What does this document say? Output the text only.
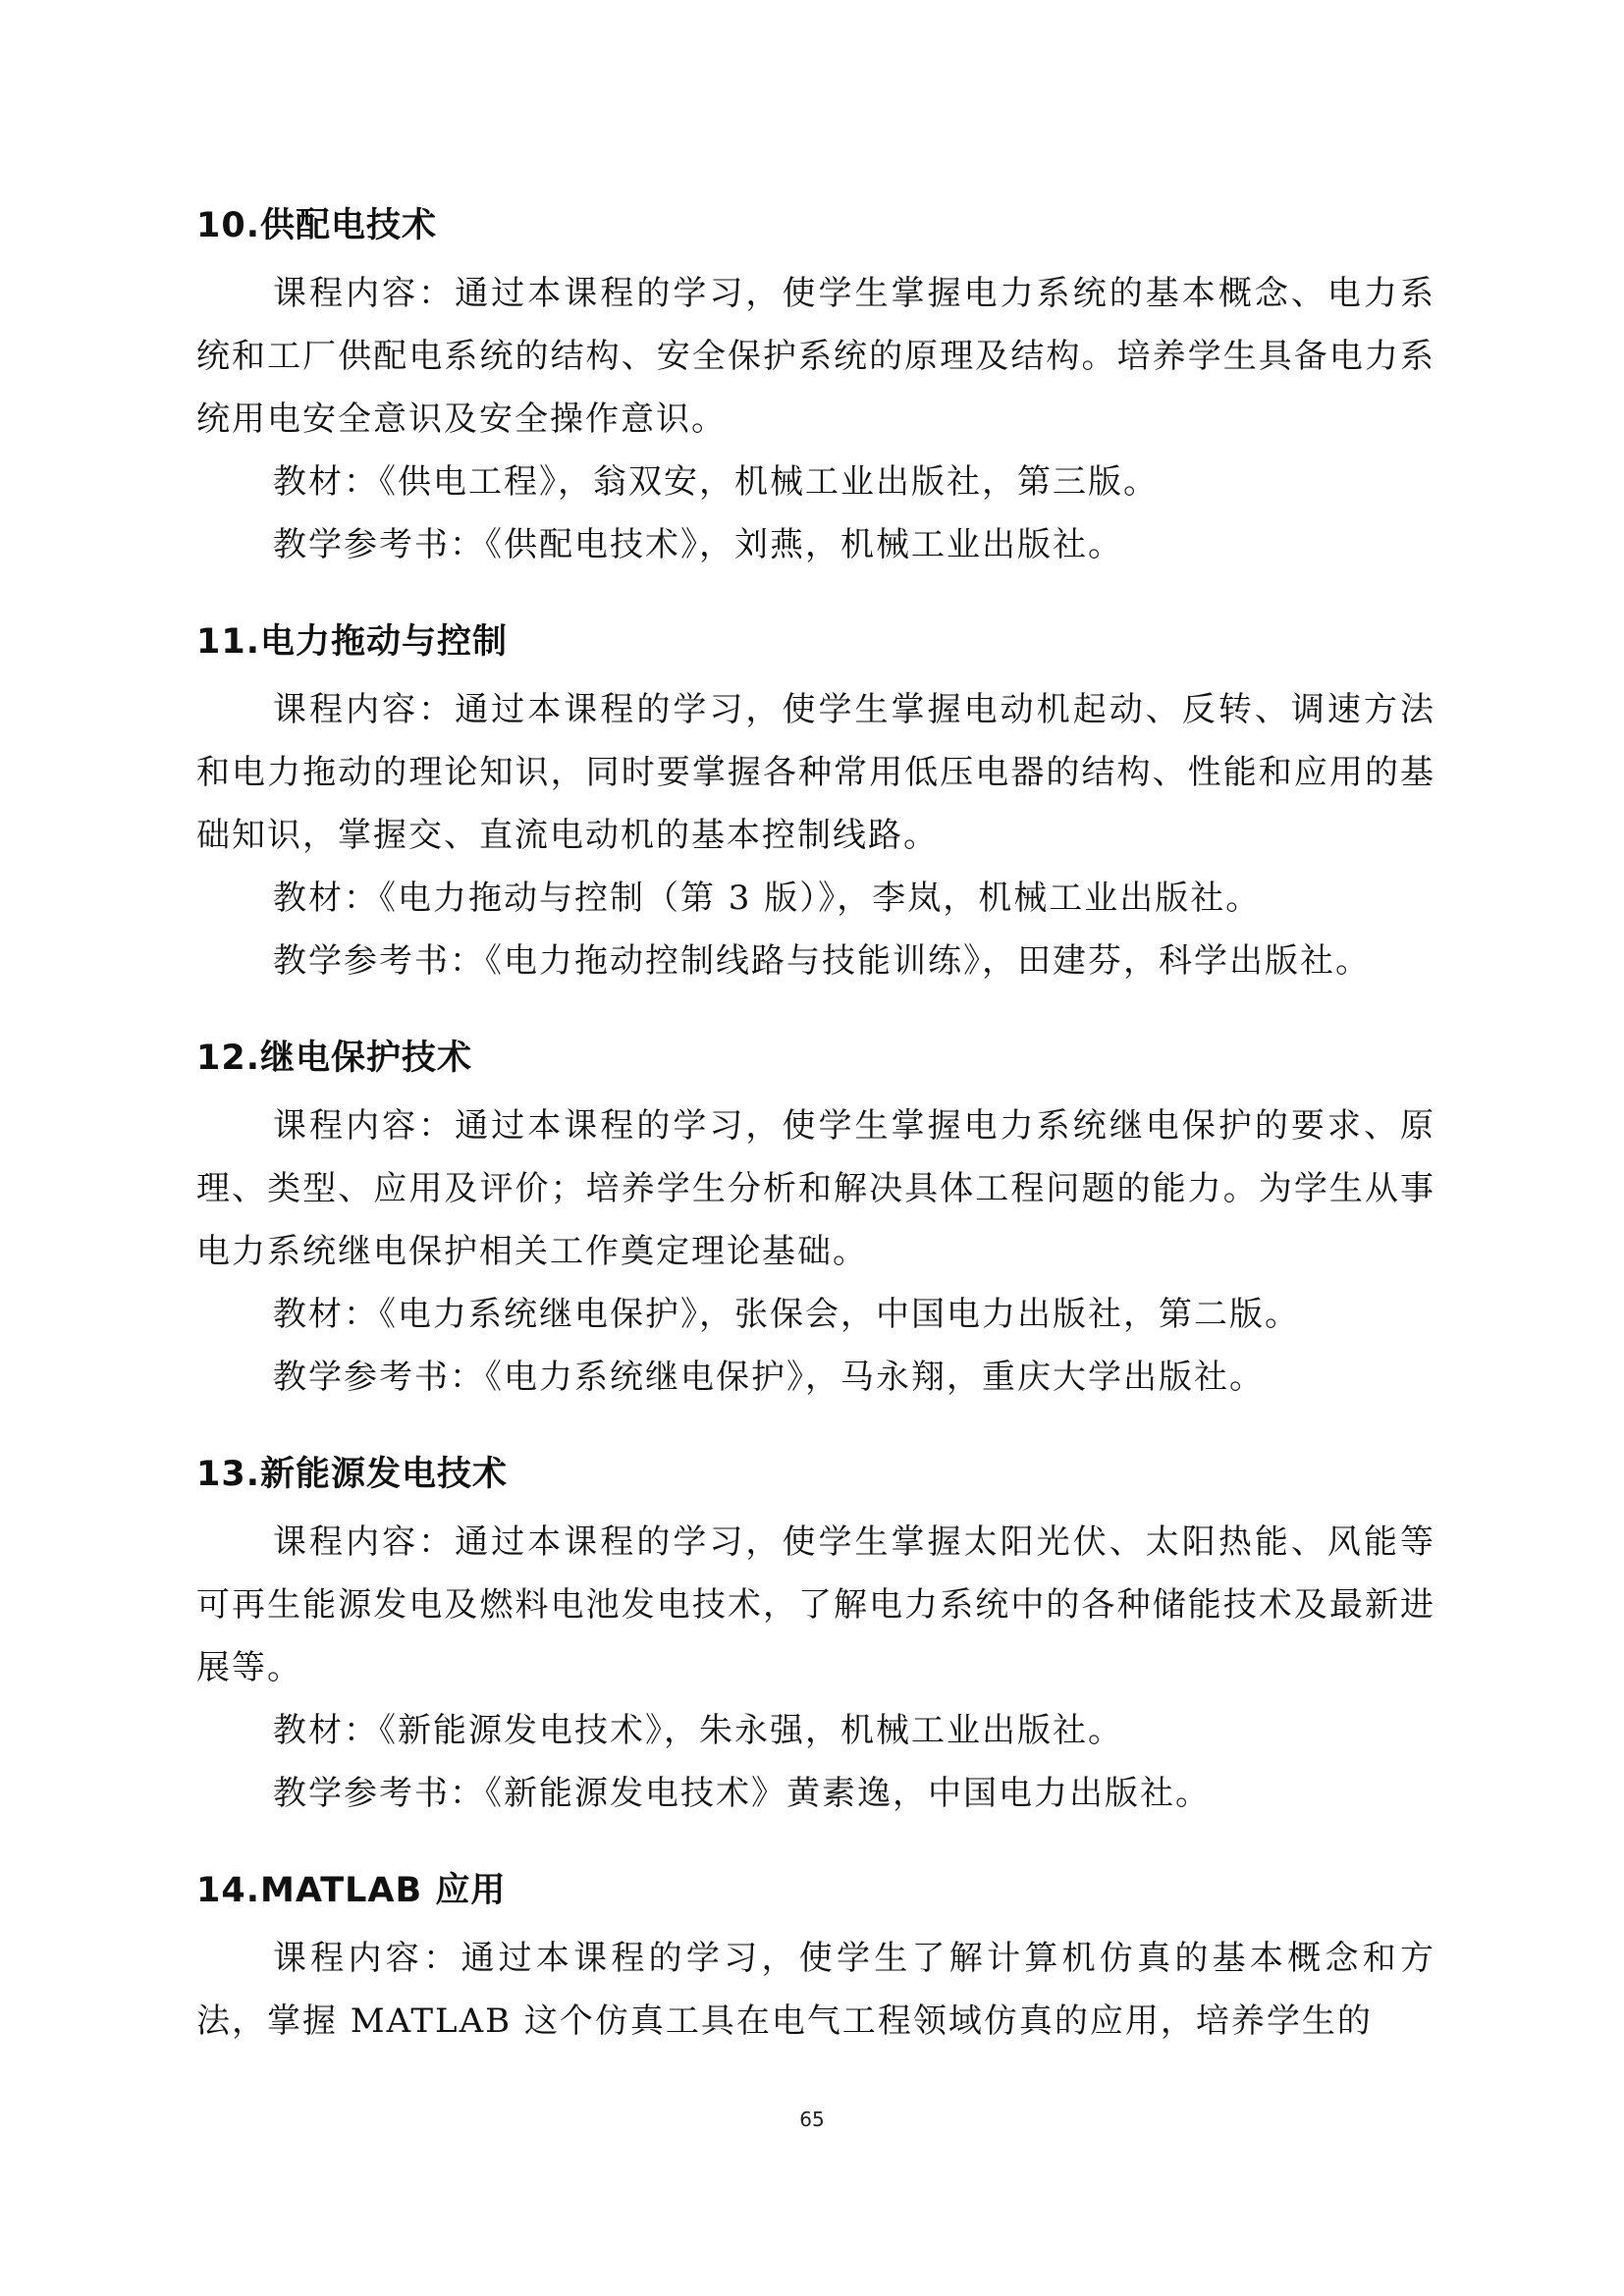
10.供配电技术

课程内容：通过本课程的学习，使学生掌握电力系统的基本概念、电力系统和工厂供配电系统的结构、安全保护系统的原理及结构。培养学生具备电力系统用电安全意识及安全操作意识。

教材：《供电工程》，翁双安，机械工业出版社，第三版。
教学参考书：《供配电技术》，刘燕，机械工业出版社。
11.电力拖动与控制

课程内容：通过本课程的学习，使学生掌握电动机起动、反转、调速方法和电力拖动的理论知识，同时要掌握各种常用低压电器的结构、性能和应用的基础知识，掌握交、直流电动机的基本控制线路。

教材：《电力拖动与控制（第 3 版）》，李岚，机械工业出版社。
教学参考书：《电力拖动控制线路与技能训练》，田建芬，科学出版社。
12.继电保护技术

课程内容：通过本课程的学习，使学生掌握电力系统继电保护的要求、原理、类型、应用及评价；培养学生分析和解决具体工程问题的能力。为学生从事电力系统继电保护相关工作奠定理论基础。

教材：《电力系统继电保护》，张保会，中国电力出版社，第二版。
教学参考书：《电力系统继电保护》，马永翔，重庆大学出版社。
13.新能源发电技术

课程内容：通过本课程的学习，使学生掌握太阳光伏、太阳热能、风能等可再生能源发电及燃料电池发电技术，了解电力系统中的各种储能技术及最新进展等。

教材：《新能源发电技术》，朱永强，机械工业出版社。
教学参考书：《新能源发电技术》黄素逸，中国电力出版社。
14.MATLAB 应用

课程内容：通过本课程的学习，使学生了解计算机仿真的基本概念和方法，掌握 MATLAB 这个仿真工具在电气工程领域仿真的应用，培养学生的

65
